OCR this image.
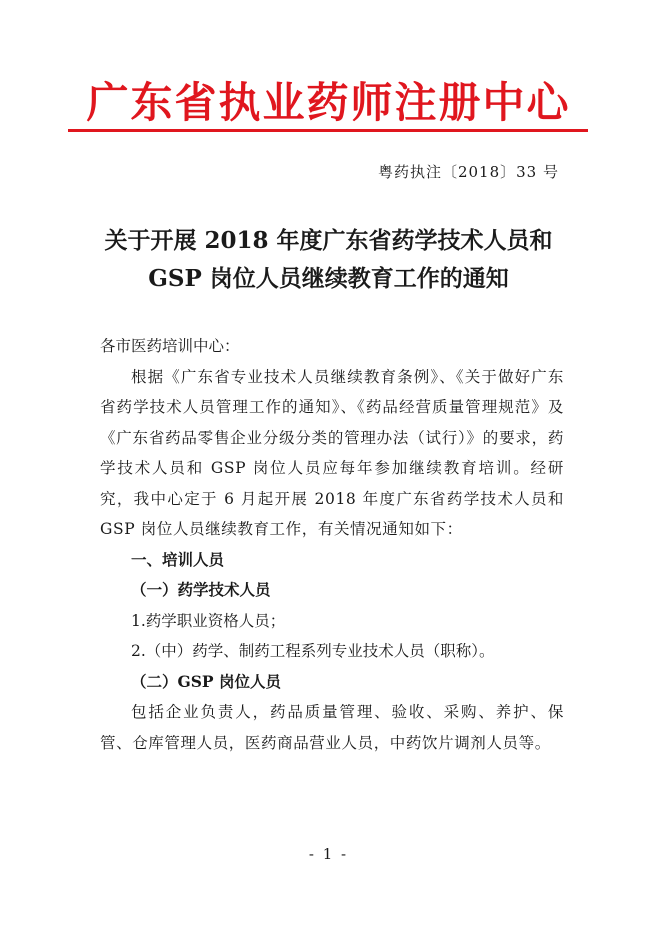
广东省执业药师注册中心
粤药执注〔2018〕33 号
关于开展 2018 年度广东省药学技术人员和
GSP 岗位人员继续教育工作的通知

各市医药培训中心：

根据《广东省专业技术人员继续教育条例》、《关于做好广东省药学技术人员管理工作的通知》、《药品经营质量管理规范》及《广东省药品零售企业分级分类的管理办法（试行）》的要求，药学技术人员和 GSP 岗位人员应每年参加继续教育培训。经研究，我中心定于 6 月起开展 2018 年度广东省药学技术人员和 GSP 岗位人员继续教育工作，有关情况通知如下：

一、培训人员

（一）药学技术人员

1.药学职业资格人员；

2.（中）药学、制药工程系列专业技术人员（职称）。

（二）GSP 岗位人员

包括企业负责人，药品质量管理、验收、采购、养护、保管、仓库管理人员，医药商品营业人员，中药饮片调剂人员等。

- 1 -
